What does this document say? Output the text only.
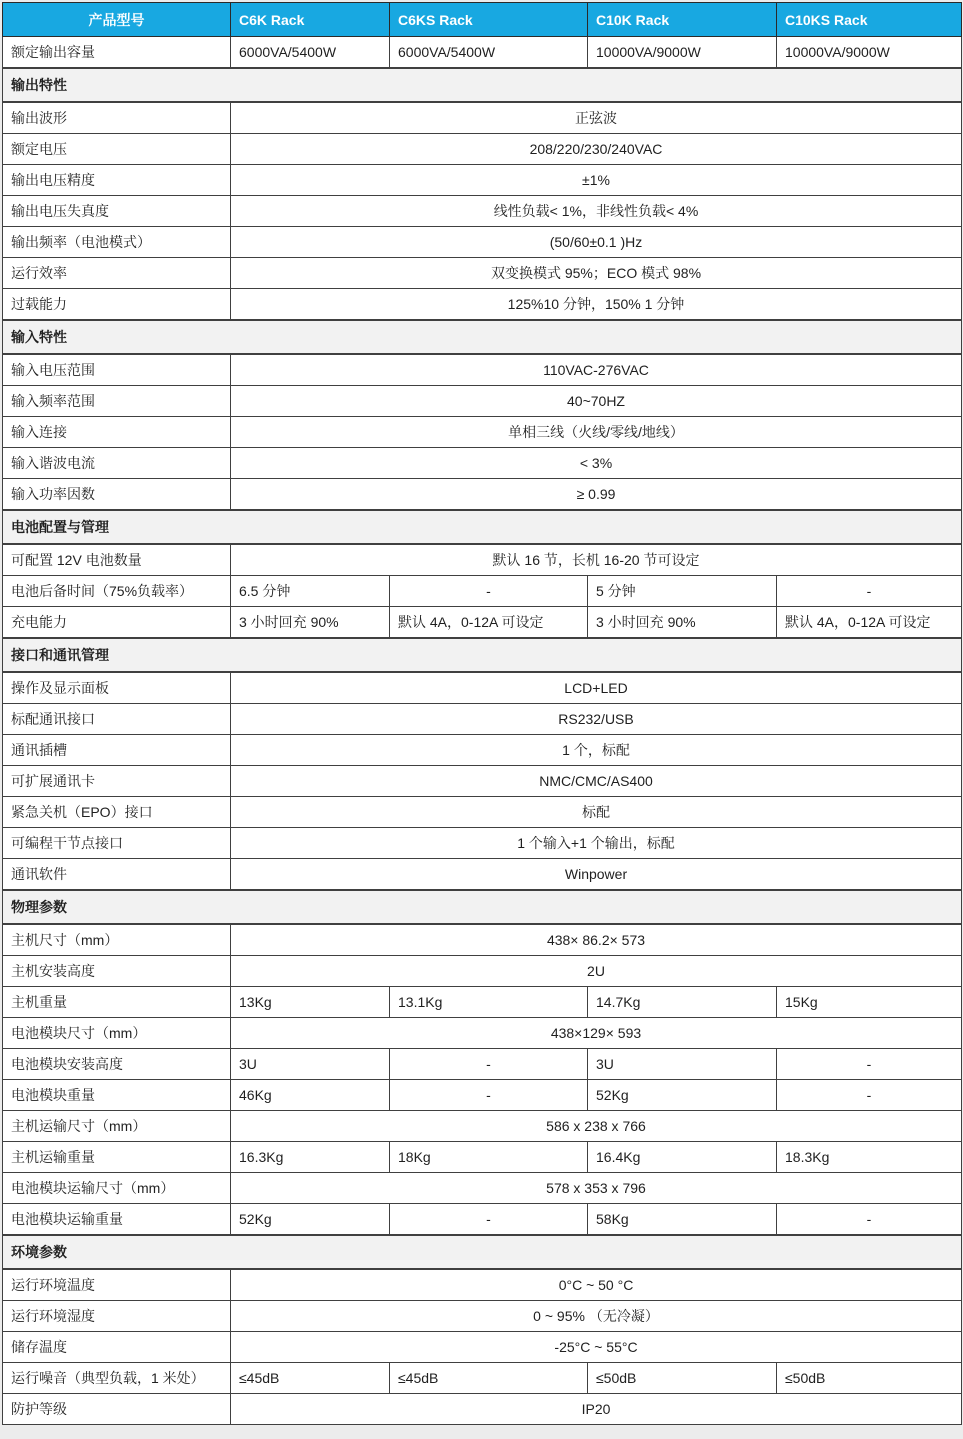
产品型号	C6K Rack	C6KS Rack	C10K Rack	C10KS Rack
额定输出容量	6000VA/5400W	6000VA/5400W	10000VA/9000W	10000VA/9000W
输出特性				
输出波形	正弦波			
额定电压	208/220/230/240VAC			
输出电压精度	±1%			
输出电压失真度	线性负载< 1%，非线性负载< 4%			
输出频率（电池模式）	(50/60±0.1 )Hz			
运行效率	双变换模式 95%；ECO 模式 98%			
过载能力	125%10 分钟，150% 1 分钟			
输入特性				
输入电压范围	110VAC-276VAC			
输入频率范围	40~70HZ			
输入连接	单相三线（火线/零线/地线）			
输入谐波电流	< 3%			
输入功率因数	≥ 0.99			
电池配置与管理				
可配置 12V 电池数量	默认 16 节，长机 16-20 节可设定			
电池后备时间（75%负载率）	6.5 分钟	-	5 分钟	-
充电能力	3 小时回充 90%	默认 4A，0-12A 可设定	3 小时回充 90%	默认 4A，0-12A 可设定
接口和通讯管理				
操作及显示面板	LCD+LED			
标配通讯接口	RS232/USB			
通讯插槽	1 个，标配			
可扩展通讯卡	NMC/CMC/AS400			
紧急关机（EPO）接口	标配			
可编程干节点接口	1 个输入+1 个输出，标配			
通讯软件	Winpower			
物理参数				
主机尺寸（mm）	438× 86.2× 573			
主机安装高度	2U			
主机重量	13Kg	13.1Kg	14.7Kg	15Kg
电池模块尺寸（mm）	438×129× 593			
电池模块安装高度	3U	-	3U	-
电池模块重量	46Kg	-	52Kg	-
主机运输尺寸（mm）	586 x 238 x 766			
主机运输重量	16.3Kg	18Kg	16.4Kg	18.3Kg
电池模块运输尺寸（mm）	578 x 353 x 796			
电池模块运输重量	52Kg	-	58Kg	-
环境参数				
运行环境温度	0°C ~ 50 °C			
运行环境湿度	0 ~ 95% （无冷凝）			
储存温度	-25°C ~ 55°C			
运行噪音（典型负载，1 米处）	≤45dB	≤45dB	≤50dB	≤50dB
防护等级	IP20			
